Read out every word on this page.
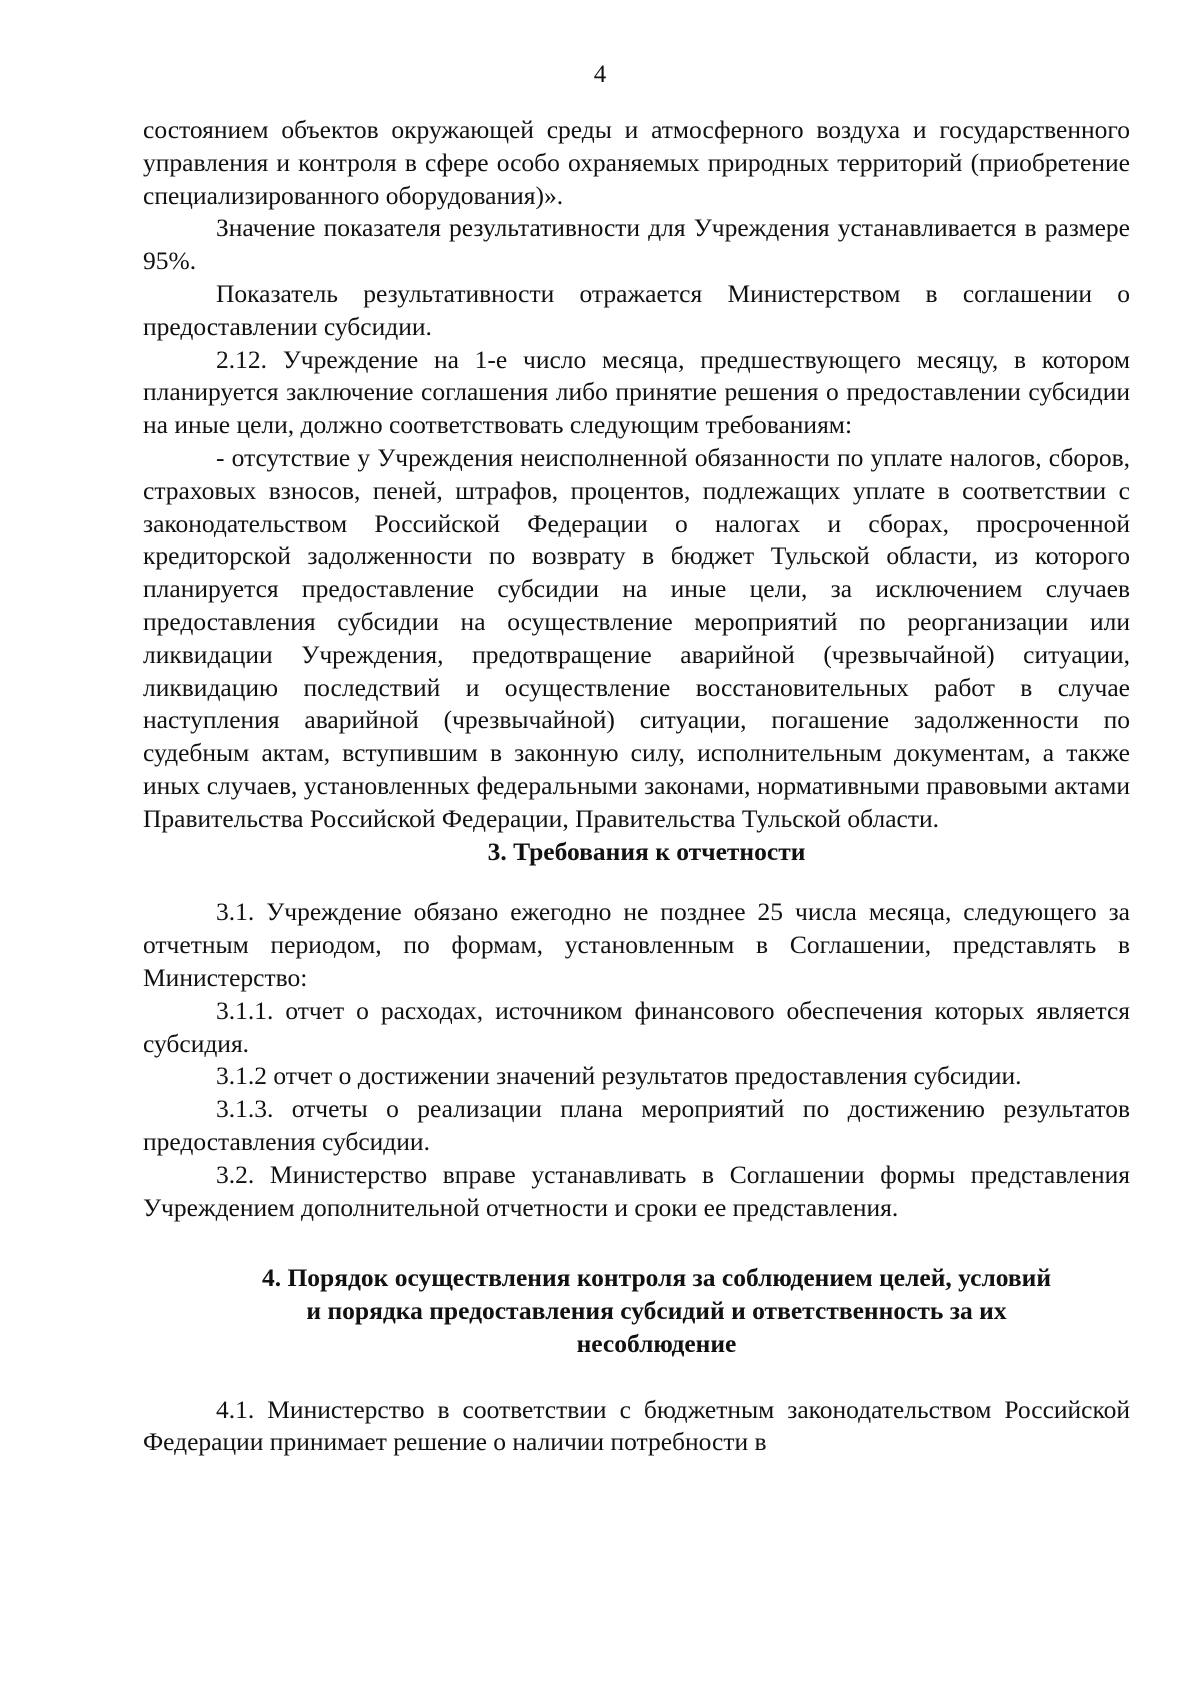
4

состоянием объектов окружающей среды и атмосферного воздуха и государственного управления и контроля в сфере особо охраняемых природных территорий (приобретение специализированного оборудования)».

Значение показателя результативности для Учреждения устанавливается в размере 95%.

Показатель результативности отражается Министерством в соглашении о предоставлении субсидии.

2.12. Учреждение на 1-е число месяца, предшествующего месяцу, в котором планируется заключение соглашения либо принятие решения о предоставлении субсидии на иные цели, должно соответствовать следующим требованиям:

- отсутствие у Учреждения неисполненной обязанности по уплате налогов, сборов, страховых взносов, пеней, штрафов, процентов, подлежащих уплате в соответствии с законодательством Российской Федерации о налогах и сборах, просроченной кредиторской задолженности по возврату в бюджет Тульской области, из которого планируется предоставление субсидии на иные цели, за исключением случаев предоставления субсидии на осуществление мероприятий по реорганизации или ликвидации Учреждения, предотвращение аварийной (чрезвычайной) ситуации, ликвидацию последствий и осуществление восстановительных работ в случае наступления аварийной (чрезвычайной) ситуации, погашение задолженности по судебным актам, вступившим в законную силу, исполнительным документам, а также иных случаев, установленных федеральными законами, нормативными правовыми актами Правительства Российской Федерации, Правительства Тульской области.

3. Требования к отчетности

3.1. Учреждение обязано ежегодно не позднее 25 числа месяца, следующего за отчетным периодом, по формам, установленным в Соглашении, представлять в Министерство:

3.1.1. отчет о расходах, источником финансового обеспечения которых является субсидия.

3.1.2 отчет о достижении значений результатов предоставления субсидии.

3.1.3. отчеты о реализации плана мероприятий по достижению результатов предоставления субсидии.

3.2. Министерство вправе устанавливать в Соглашении формы представления Учреждением дополнительной отчетности и сроки ее представления.

4. Порядок осуществления контроля за соблюдением целей, условий
и порядка предоставления субсидий и ответственность за их
несоблюдение

4.1. Министерство в соответствии с бюджетным законодательством Российской Федерации принимает решение о наличии потребности в
